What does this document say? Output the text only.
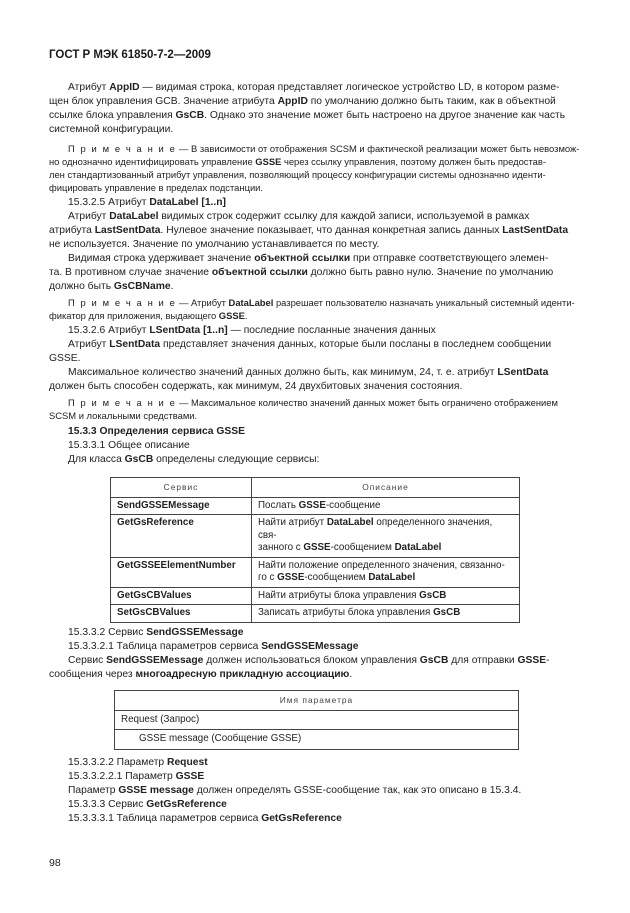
ГОСТ Р МЭК 61850-7-2—2009
Атрибут AppID — видимая строка, которая представляет логическое устройство LD, в котором разме-
щен блок управления GCB. Значение атрибута AppID по умолчанию должно быть таким, как в объектной
ссылке блока управления GsCB. Однако это значение может быть настроено на другое значение как часть
системной конфигурации.
П р и м е ч а н и е — В зависимости от отображения SCSM и фактической реализации может быть невозмож-
но однозначно идентифицировать управление GSSE через ссылку управления, поэтому должен быть предостав-
лен стандартизованный атрибут управления, позволяющий процессу конфигурации системы однозначно иденти-
фицировать управление в пределах подстанции.
15.3.2.5 Атрибут DataLabel [1..n]
Атрибут DataLabel видимых строк содержит ссылку для каждой записи, используемой в рамках
атрибута LastSentData. Нулевое значение показывает, что данная конкретная запись данных LastSentData
не используется. Значение по умолчанию устанавливается по месту.
Видимая строка удерживает значение объектной ссылки при отправке соответствующего элемен-
та. В противном случае значение объектной ссылки должно быть равно нулю. Значение по умолчанию
должно быть GsCBName.
П р и м е ч а н и е — Атрибут DataLabel разрешает пользователю назначать уникальный системный иденти-
фикатор для приложения, выдающего GSSE.
15.3.2.6 Атрибут LSentData [1..n] — последние посланные значения данных
Атрибут LSentData представляет значения данных, которые были посланы в последнем сообщении
GSSE.
Максимальное количество значений данных должно быть, как минимум, 24, т. е. атрибут LSentData
должен быть способен содержать, как минимум, 24 двухбитовых значения состояния.
П р и м е ч а н и е — Максимальное количество значений данных может быть ограничено отображением
SCSM и локальными средствами.
15.3.3 Определения сервиса GSSE
15.3.3.1 Общее описание
Для класса GsCB определены следующие сервисы:
Сервис	Описание
SendGSSEMessage	Послать GSSE-сообщение
GetGsReference	Найти атрибут DataLabel определенного значения, свя-
занного с GSSE-сообщением DataLabel
GetGSSEElementNumber	Найти положение определенного значения, связанно-
го с GSSE-сообщением DataLabel
GetGsCBValues	Найти атрибуты блока управления GsCB
SetGsCBValues	Записать атрибуты блока управления GsCB
15.3.3.2 Сервис SendGSSEMessage
15.3.3.2.1 Таблица параметров сервиса SendGSSEMessage
Сервис SendGSSEMessage должен использоваться блоком управления GsCB для отправки GSSE-
сообщения через многоадресную прикладную ассоциацию.
Имя параметра
Request (Запрос)
GSSE message (Сообщение GSSE)
15.3.3.2.2 Параметр Request
15.3.3.2.2.1 Параметр GSSE
Параметр GSSE message должен определять GSSE-сообщение так, как это описано в 15.3.4.
15.3.3.3 Сервис GetGsReference
15.3.3.3.1 Таблица параметров сервиса GetGsReference
98
